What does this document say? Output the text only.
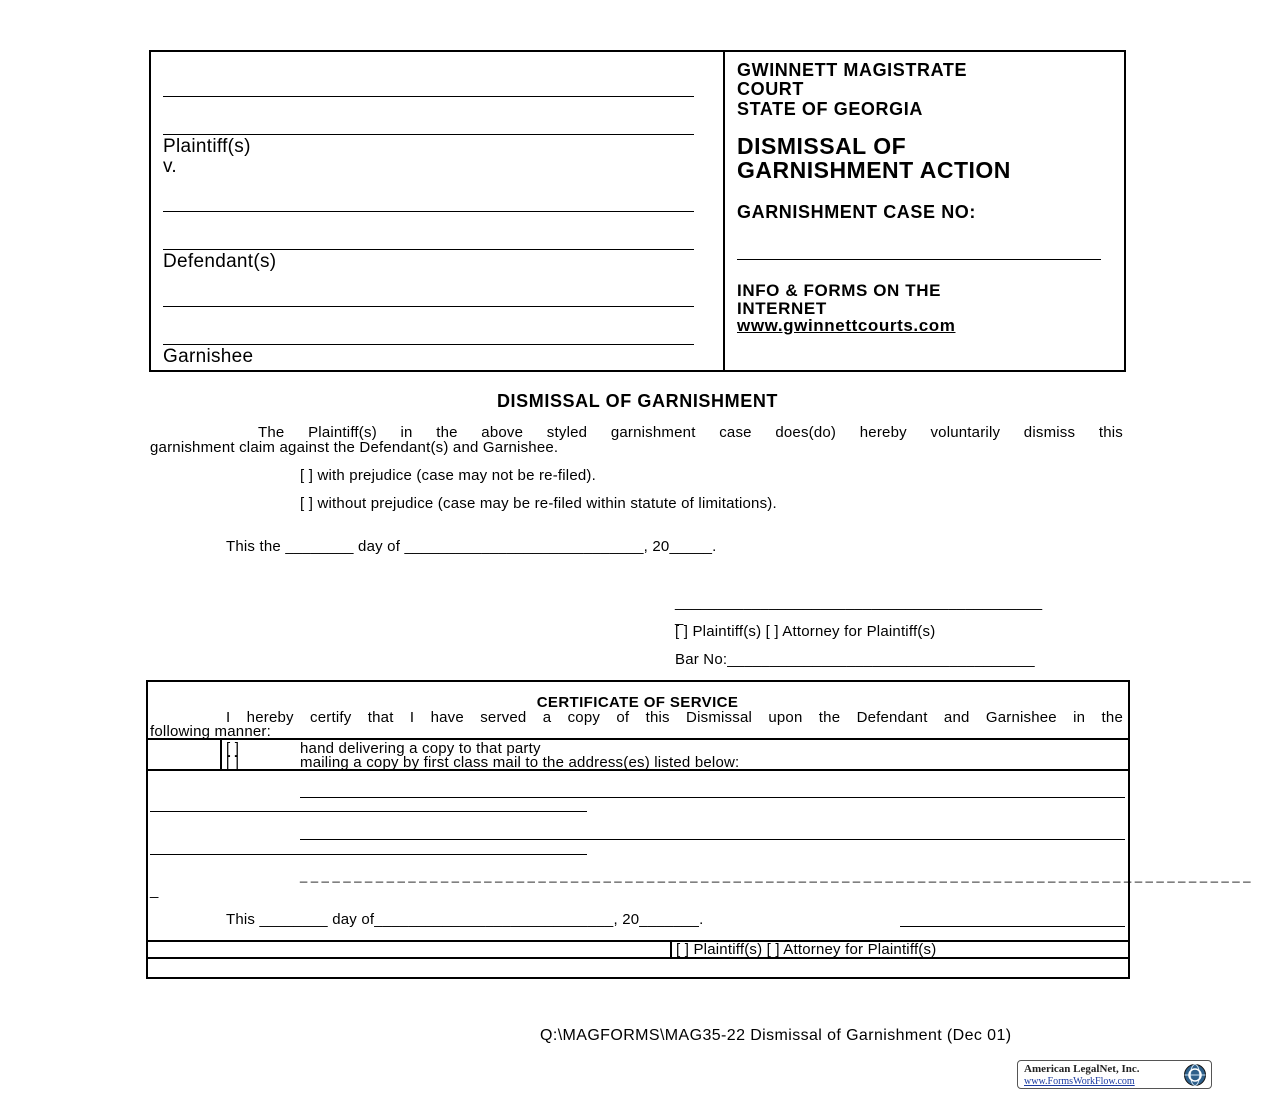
Plaintiff(s)
v.
Defendant(s)
Garnishee
GWINNETT MAGISTRATE
COURT
STATE OF GEORGIA
DISMISSAL OF
GARNISHMENT ACTION
GARNISHMENT CASE NO:
INFO & FORMS ON THE
INTERNET
www.gwinnettcourts.com
DISMISSAL OF GARNISHMENT
The Plaintiff(s) in the above styled garnishment case does(do) hereby voluntarily dismiss this
garnishment claim against the Defendant(s) and Garnishee.
[ ] with prejudice (case may not be re-filed).
[ ] without prejudice (case may be re-filed within statute of limitations).
This the ________ day of ____________________________, 20_____.
___________________________________________
_
[ ] Plaintiff(s) [ ] Attorney for Plaintiff(s)
Bar No:____________________________________
CERTIFICATE OF SERVICE
I hereby certify that I have served a copy of this Dismissal upon the Defendant and Garnishee in the
following manner:
[ ]	hand delivering a copy to that party
[ ]	mailing a copy by first class mail to the address(es) listed below:
_ _ _ _ _ _ _ _ _ _ _ _ _ _ _ _ _ _ _ _ _ _ _ _ _ _ _ _ _ _ _ _ _ _ _ _ _ _ _ _ _ _ _ _ _ _ _ _ _ _ _ _ _ _ _ _ _ _ _ _ _ _ _ _ _ _ _ _ _ _ _ _ _ _ _ _ _ _ _ _ _ _ _ _ _ _ _ _
_
This ________ day of____________________________, 20_______.
[ ] Plaintiff(s) [ ] Attorney for Plaintiff(s)
Q:\MAGFORMS\MAG35-22 Dismissal of Garnishment (Dec 01)
American LegalNet, Inc.
www.FormsWorkFlow.com
